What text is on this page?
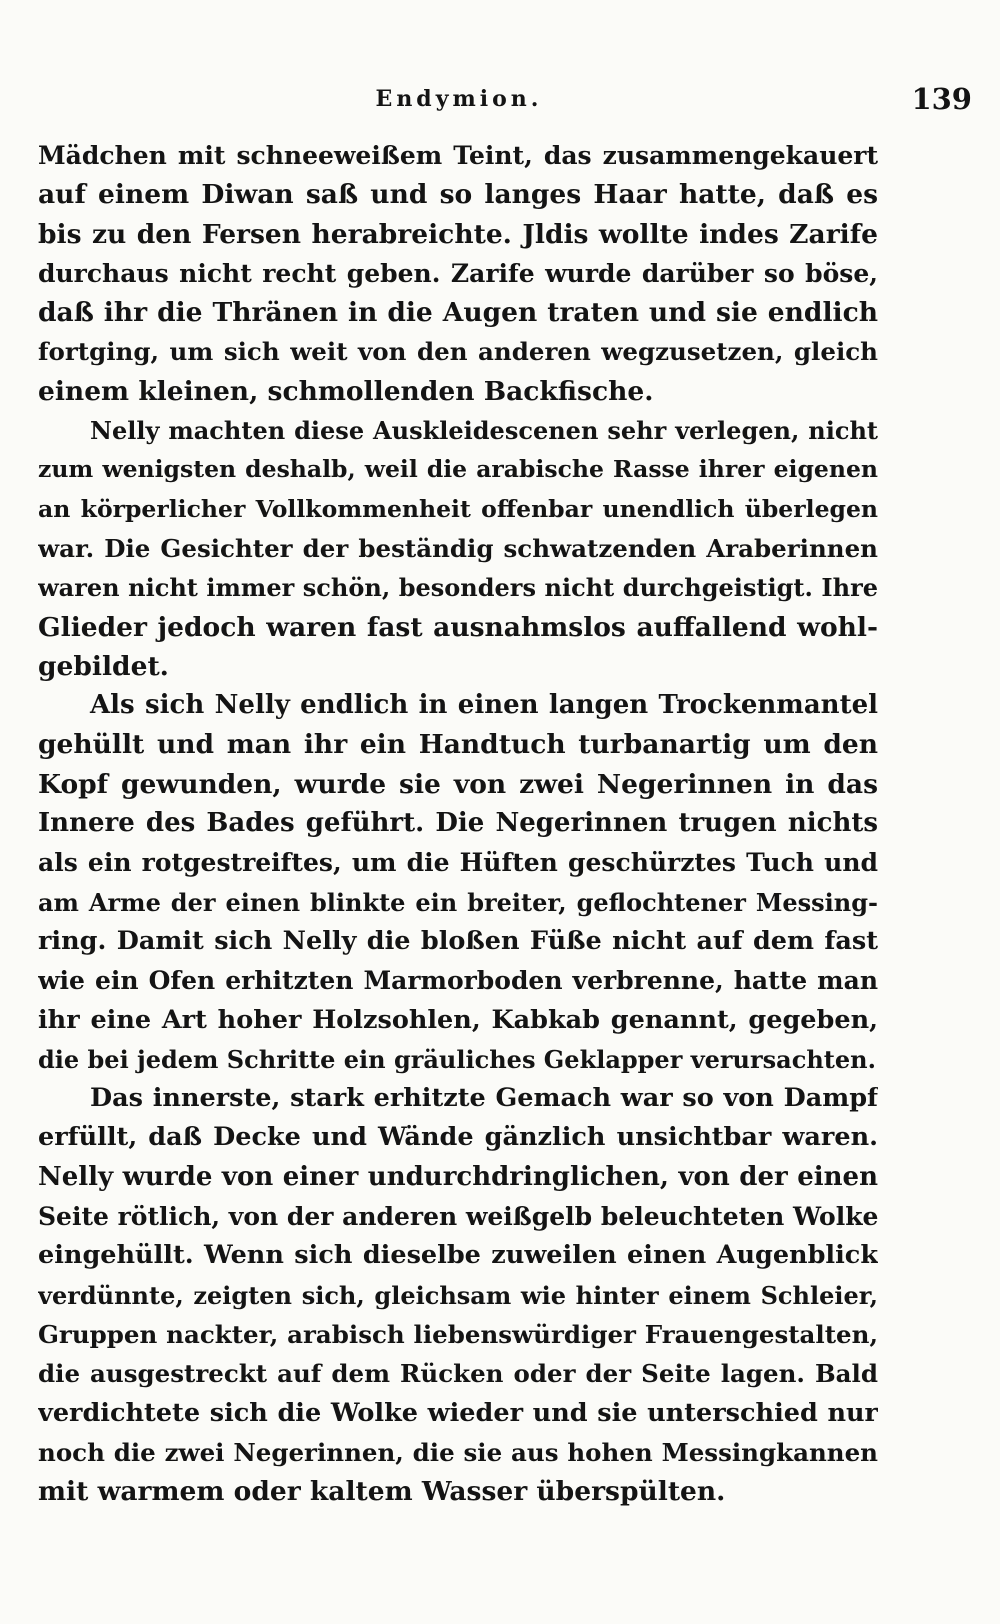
Endymion.	139
Mädchen mit schneeweißem Teint, das zusammengekauert
auf einem Diwan saß und so langes Haar hatte, daß es
bis zu den Fersen herabreichte. Jldis wollte indes Zarife
durchaus nicht recht geben. Zarife wurde darüber so böse,
daß ihr die Thränen in die Augen traten und sie endlich
fortging, um sich weit von den anderen wegzusetzen, gleich
einem kleinen, schmollenden Backfische.
Nelly machten diese Auskleidescenen sehr verlegen, nicht
zum wenigsten deshalb, weil die arabische Rasse ihrer eigenen
an körperlicher Vollkommenheit offenbar unendlich überlegen
war. Die Gesichter der beständig schwatzenden Araberinnen
waren nicht immer schön, besonders nicht durchgeistigt. Ihre
Glieder jedoch waren fast ausnahmslos auffallend wohl-
gebildet.
Als sich Nelly endlich in einen langen Trockenmantel
gehüllt und man ihr ein Handtuch turbanartig um den
Kopf gewunden, wurde sie von zwei Negerinnen in das
Innere des Bades geführt. Die Negerinnen trugen nichts
als ein rotgestreiftes, um die Hüften geschürztes Tuch und
am Arme der einen blinkte ein breiter, geflochtener Messing-
ring. Damit sich Nelly die bloßen Füße nicht auf dem fast
wie ein Ofen erhitzten Marmorboden verbrenne, hatte man
ihr eine Art hoher Holzsohlen, Kabkab genannt, gegeben,
die bei jedem Schritte ein gräuliches Geklapper verursachten.
Das innerste, stark erhitzte Gemach war so von Dampf
erfüllt, daß Decke und Wände gänzlich unsichtbar waren.
Nelly wurde von einer undurchdringlichen, von der einen
Seite rötlich, von der anderen weißgelb beleuchteten Wolke
eingehüllt. Wenn sich dieselbe zuweilen einen Augenblick
verdünnte, zeigten sich, gleichsam wie hinter einem Schleier,
Gruppen nackter, arabisch liebenswürdiger Frauengestalten,
die ausgestreckt auf dem Rücken oder der Seite lagen. Bald
verdichtete sich die Wolke wieder und sie unterschied nur
noch die zwei Negerinnen, die sie aus hohen Messingkannen
mit warmem oder kaltem Wasser überspülten.
